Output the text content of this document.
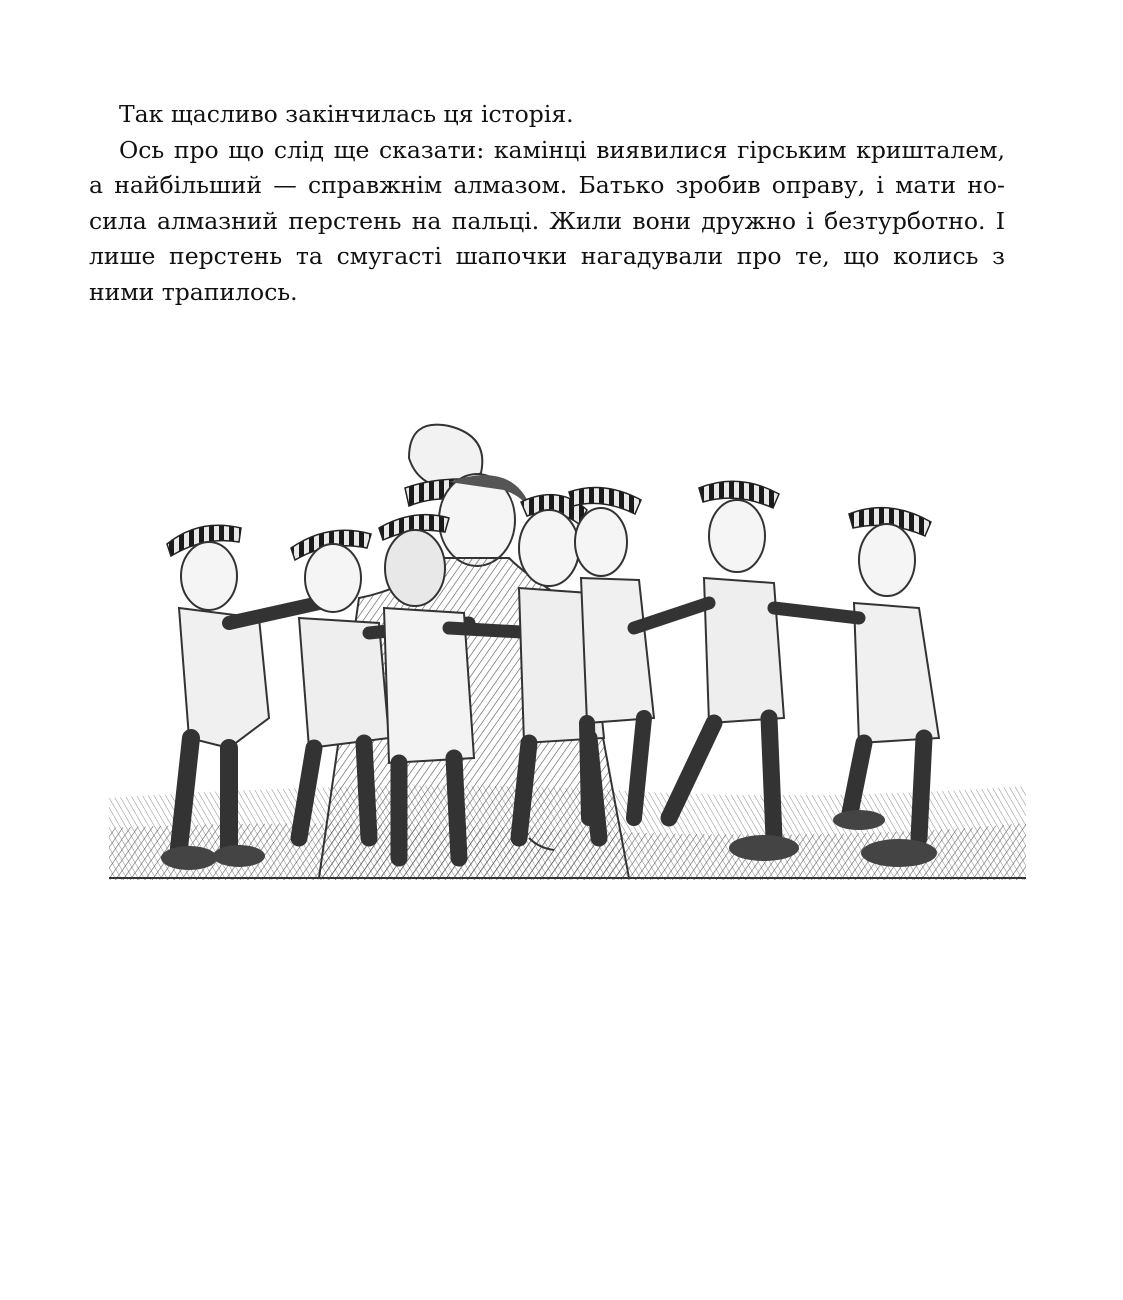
Так щасливо закінчилась ця історія.

Ось про що слід ще сказати: камінці виявилися гірським кришталем, а найбільший — справжнім алмазом. Батько зробив оправу, і мати носила алмазний перстень на пальці. Жили вони дружно і безтурботно. І лише перстень та смугасті шапочки нагадували про те, що колись з ними трапилось.
